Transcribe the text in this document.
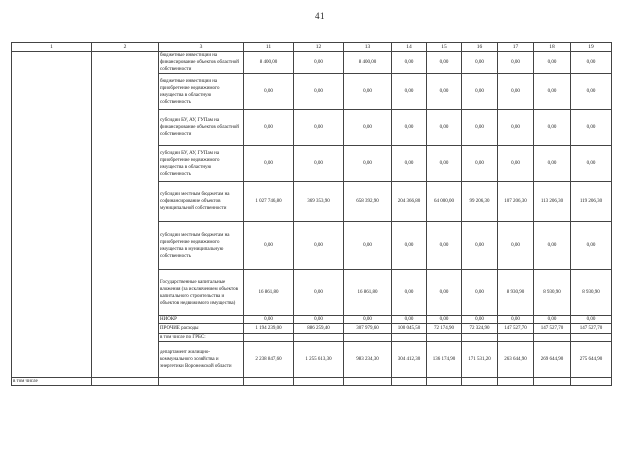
41
1	2	3	11	12	13	14	15	16	17	18	19
		бюджетные инвестиции на финансирование объектов областной собственности	8 400,00	0,00	8 400,00	0,00	0,00	0,00	0,00	0,00	0,00
		бюджетные инвестиции на приобретение недвижимого имущества в областную собственность	0,00	0,00	0,00	0,00	0,00	0,00	0,00	0,00	0,00
		субсидии БУ, АУ, ГУПам на финансирование объектов областной собственности	0,00	0,00	0,00	0,00	0,00	0,00	0,00	0,00	0,00
		субсидии БУ, АУ, ГУПам на приобретение недвижимого имущества в областную собственность	0,00	0,00	0,00	0,00	0,00	0,00	0,00	0,00	0,00
		субсидии местным бюджетам на софинансирование объектов муниципальной собственности	1 027 746,80	369 353,90	658 392,90	204 366,80	64 000,00	99 206,30	107 206,30	113 206,30	119 206,30
		субсидии местным бюджетам на приобретение недвижимого имущества в муниципальную собственность	0,00	0,00	0,00	0,00	0,00	0,00	0,00	0,00	0,00
		Государственные капитальные вложения (за исключением объектов капитального строительства и объектов недвижимого имущества)	16 861,80	0,00	16 861,80	0,00	0,00	0,00	8 930,90	8 930,90	8 930,90
		НИОКР	0,00	0,00	0,00	0,00	0,00	0,00	0,00	0,00	0,00
		ПРОЧИЕ расходы	1 194 239,00	886 259,40	307 979,60	100 045,50	72 174,90	72 324,90	147 527,70	147 527,70	147 527,70
		в том числе по ГРБС:									
		департамент жилищно-коммунального хозяйства и энергетики Воронежской области	2 238 847,60	1 255 613,30	983 234,30	304 412,30	136 174,90	171 531,20	263 644,90	269 644,90	275 644,90
в том числе											
